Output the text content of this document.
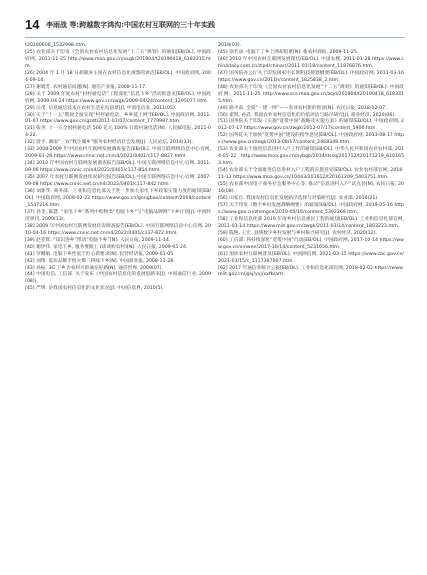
14 李雨战 等:跨越数字鸿沟:中国农村互联网的三十年实践

t20100606_1532998.htm.

[25] 农业部关于印发《全国农业农村信息化发展“十二五”规划》的通知[EB/OL]. 中国政府网, 2011-11-25 http://www.moa.gov.cn/xxgk/201904/t20190418_6183315.htm.

[26] 2004 年 1 月 18 日胡锦涛主席在农村信息化视察的讲话[EB/OL]. 中国政府网, 2004-09-14.

[27] 谢娟芳. 农村通信问题[N]. 通信产业报, 2008-11-17.

[28] 关于 2009 年度农村“村村通电话”工程深化“信息下乡”活动的意见[EB/OL]. 中国政府网, 2009-04-24 https://www.gov.cn/zwgk/2009-04/24/content_1295077.htm.

[29] 汪茂. 信息通信技术在农村生活充电前景[J]. 中国电信业, 2011(05).

[30] 关于“十一五”期间全面实现“村村通电话、乡乡能上网”[EB/OL]. 中国政府网, 2011-01-07 https://www.gov.cn/gzdt/2011-01/07/content_1779987.htm.

[31] 张英. 十一五全国村通电话 500 亿元 100% 行政村通电话[N]. 人民邮电报, 2011-04-22.

[32] 曾平. 湖南“三农”数字城乡“服务农村经济社会发展[J]. 人民论坛, 2014(33).

[33] 2008-2009 年中国农村互联网发展调查报告[EB/OL]. 中国互联网络信息中心官网, 2009-01-26 https://www.cnnic.net.cn/n4/2022/0401/c117-8827.html.

[34] 2010 年中国农村互联网发展调查报告[EB/OL]. 中国互联网络信息中心官网, 2011-09-06 https://www.cnnic.cn/n4/2022/0401/c117-854.html.

[35] 2007 年农村互联网发展状况研究报告[EB/OL]. 中国互联网络信息中心官网, 2007-09-08 https://www.cnnic.net.cn/n4/2022/0401/c117-842.html.

[36] 刘新华. 商务部、工业和信息化部关于进一步加大家电下乡政策实施力度的通知[EB/OL]. 中国政府网, 2009-02-22 https://www.gov.cn/gongbao/content/2009/content_1547216.htm.

[37] 孙金, 陈慧. “家电下乡”系列中购物类“电脑下乡”与“电脑品牌网”下乡计划[J]. 中国经济周刊, 2009(13).

[38] 2009 年中国农村互联网发展状况调查报告[EB/OL]. 中国互联网络信息中心官网, 2010-04-16 https://www.cnnic.net.cn/n4/2022/0401/c117-872.html.

[39] 赵亚辉. “知识进乡”带动“电脑下乡”[N]. 人民日报, 2009-11-14.

[40] 谢伊伟. 家电下乡, 服务要跟上 (谈谈购农村)[N]. 人民日报, 2009-05-24.

[41] 罗娜娟. 电脑下乡性低于红心新要求[N]. 民营经济报, 2009-01-05.

[42] 刘翔. 低价品牌手机火爆三四线下乡[N]. 中国商业报, 2008-11-28.

[43] 孙振. 3G 下乡为农村开辟通信好路[N]. 通信世界, 2009(07).

[44] 中国电信, 工信部. 关于发布《中国农村信息化的发展思路来[J]. 中国通信行业, 2009(08)).

[45] 严明. 论我国农村信息化的文化状况[J]. 中国信息界, 2010(5).

2018(03).

[45] 徐若添. 电脑下了乡上网却很难[N]. 新农村商报, 2009-11-25.

[46] 2010 年中国农村互联网发展现状[EB/OL]. 中国农搜, 2011-01-28 https://www.chinadaily.com.cn/zlpd/chinarr/2011-01/18/content_11876876.htm.

[47] 国务院办公厅关于印发国家中长期科技规划纲要[EB/OL]. 中国政府网, 2011-03-16 https://www.gov.cn/2011h/content_1825838_2.htm.

[48] 农业部关于印发《全国农业农村信息化发展“十二五”规划》的通知[EB/OL]. 中国政府网, 2011-11-25 http://www.scs.moa.gov.cn/zcjd/201904/t20190418_6183315.htm.

[49] 路平南. 全面“一建一网”——农业农村新的创意[N]. 农民日报, 2018-12-07.

[50] 翟凯, 孙武. 我国农业农村信息化的价值评估与路径研究[J]. 商业经济, 2020(06).

[51] 国务院关于印发《实施“宽带中国”战略及实施方案》的通知[EB/OL]. 中国政府网, 2012-07-17 https://www.gov.cn/zwgk/2012-07/17/content_5906.htm.

[52] 国务院关于加快“宽带中国”建设的指导意见[EB/OL]. 中国政府网, 2013-08-17 https://www.gov.cn/zwgk/2013-08/17/content_2468348.htm.

[53] 农业部关于推进信息进村入户工作的通知[EB/OL]. 中华人民共和国农业农村部, 2014-05-22 http://www.moa.gov.cn/nybgb/2014/dssq/201712/t20171219_6101653.htm.

[54] 农业部关于全面推进信息进村入户工程的实施意见[EB/OL]. 农业农村部官网, 2016-11-11 https://www.moa.gov.cn/10443/201612/t20161209_5403751.htm.

[55] 农业部中国电子商务社会服务中心等. 推动“信息进村入户”试点县[N]. 农民日报, 2016(08).

[56] 田家官. 我国农村信息化发展路径选择与对策研究[J]. 农业部, 2016(21).

[57] 关于印发《数字乡村发展战略纲要》的通知[EB/OL]. 中国政府网, 2019-05-16 https://www.gov.cn/zhengce/2019-05/16/content_5392269.htm.

[58] 工业和信息化部 2019 年度乡村信息惠民工程的通知[EB/OL]. 工业和信息化部官网, 2011-03-14 https://www.miit.gov.cn/zwgk/2011-03/14/content_1803223.htm.

[59] 陈艳, 王宏. 县域数字乡村发展与乡村振兴研究[J]. 农村经济, 2020(12).

[60] 工信部: 将持续深化“宽带中国”行动[EB/OL]. 中国政府网, 2017-10-14 https://www.gov.cn/xinwen/2017-10/14/content_5231656.htm.

[61] 加快农村互联网普及[EB/OL]. 中国网信网, 2021-03-15 https://www.cac.gov.cn/2021-03/15/c_1117387007.htm.

[62] 2017 年通信业统计公报[EB/OL]. 工业和信息化部官网, 2018-02-02 https://www.miit.gov.cn/jgsj/yxj/xxfb/art/
